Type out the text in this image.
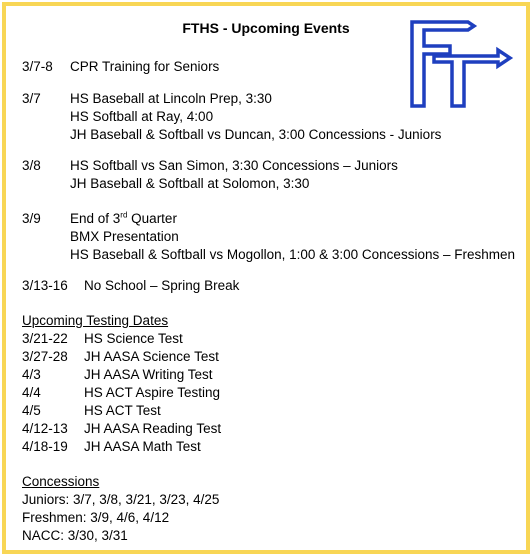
FTHS - Upcoming Events
3/7-8 CPR Training for Seniors
3/7 HS Baseball at Lincoln Prep, 3:30
HS Softball at Ray, 4:00
JH Baseball & Softball vs Duncan, 3:00 Concessions - Juniors
3/8 HS Softball vs San Simon, 3:30 Concessions – Juniors
JH Baseball & Softball at Solomon, 3:30
3/9 End of 3rd Quarter
BMX Presentation
HS Baseball & Softball vs Mogollon, 1:00 & 3:00 Concessions – Freshmen
3/13-16 No School – Spring Break
Upcoming Testing Dates
3/21-22 HS Science Test
3/27-28 JH AASA Science Test
4/3	JH AASA Writing Test
4/4	HS ACT Aspire Testing
4/5	HS ACT Test
4/12-13 JH AASA Reading Test
4/18-19 JH AASA Math Test
Concessions
Juniors: 3/7, 3/8, 3/21, 3/23, 4/25
Freshmen: 3/9, 4/6, 4/12
NACC: 3/30, 3/31
